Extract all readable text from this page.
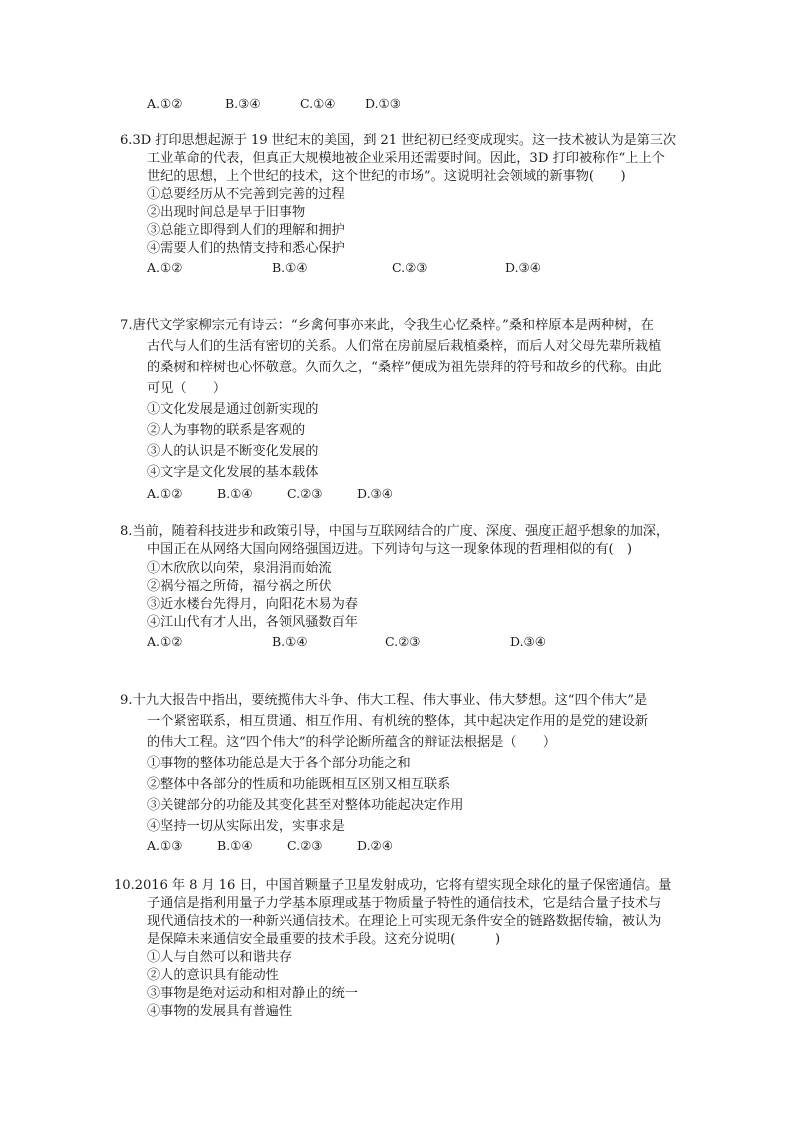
A.①②	B.③④	C.①④ D.①③
6.3D 打印思想起源于 19 世纪末的美国，到 21 世纪初已经变成现实。这一技术被认为是第三次
工业革命的代表，但真正大规模地被企业采用还需要时间。因此，3D 打印被称作“上上个
世纪的思想，上个世纪的技术，这个世纪的市场”。这说明社会领域的新事物(　　)
①总要经历从不完善到完善的过程
②出现时间总是早于旧事物
③总能立即得到人们的理解和拥护
④需要人们的热情支持和悉心保护
A.①②	B.①④	C.②③	D.③④
7.唐代文学家柳宗元有诗云：“乡禽何事亦来此，令我生心忆桑梓。”桑和梓原本是两种树，在
古代与人们的生活有密切的关系。人们常在房前屋后栽植桑梓，而后人对父母先辈所栽植
的桑树和梓树也心怀敬意。久而久之，“桑梓”便成为祖先崇拜的符号和故乡的代称。由此
可见（　　）
①文化发展是通过创新实现的
②人为事物的联系是客观的
③人的认识是不断变化发展的
④文字是文化发展的基本载体
A.①②	B.①④	C.②③	D.③④
8.当前，随着科技进步和政策引导，中国与互联网结合的广度、深度、强度正超乎想象的加深，
中国正在从网络大国向网络强国迈进。下列诗句与这一现象体现的哲理相似的有(　)
①木欣欣以向荣，泉涓涓而始流
②祸兮福之所倚，福兮祸之所伏
③近水楼台先得月，向阳花木易为春
④江山代有才人出，各领风骚数百年
A.①②	B.①④	C.②③	D.③④
9.十九大报告中指出，要统揽伟大斗争、伟大工程、伟大事业、伟大梦想。这“四个伟大”是
一个紧密联系，相互贯通、相互作用、有机统的整体，其中起决定作用的是党的建设新
的伟大工程。这“四个伟大”的科学论断所蕴含的辩证法根据是（　　）
①事物的整体功能总是大于各个部分功能之和
②整体中各部分的性质和功能既相互区别又相互联系
③关键部分的功能及其变化甚至对整体功能起决定作用
④坚持一切从实际出发，实事求是
A.①③	B.①④	C.②③	D.②④
10.2016 年 8 月 16 日，中国首颗量子卫星发射成功，它将有望实现全球化的量子保密通信。量
子通信是指利用量子力学基本原理或基于物质量子特性的通信技术，它是结合量子技术与
现代通信技术的一种新兴通信技术。在理论上可实现无条件安全的链路数据传输，被认为
是保障未来通信安全最重要的技术手段。这充分说明(　　　)
①人与自然可以和谐共存
②人的意识具有能动性
③事物是绝对运动和相对静止的统一
④事物的发展具有普遍性
